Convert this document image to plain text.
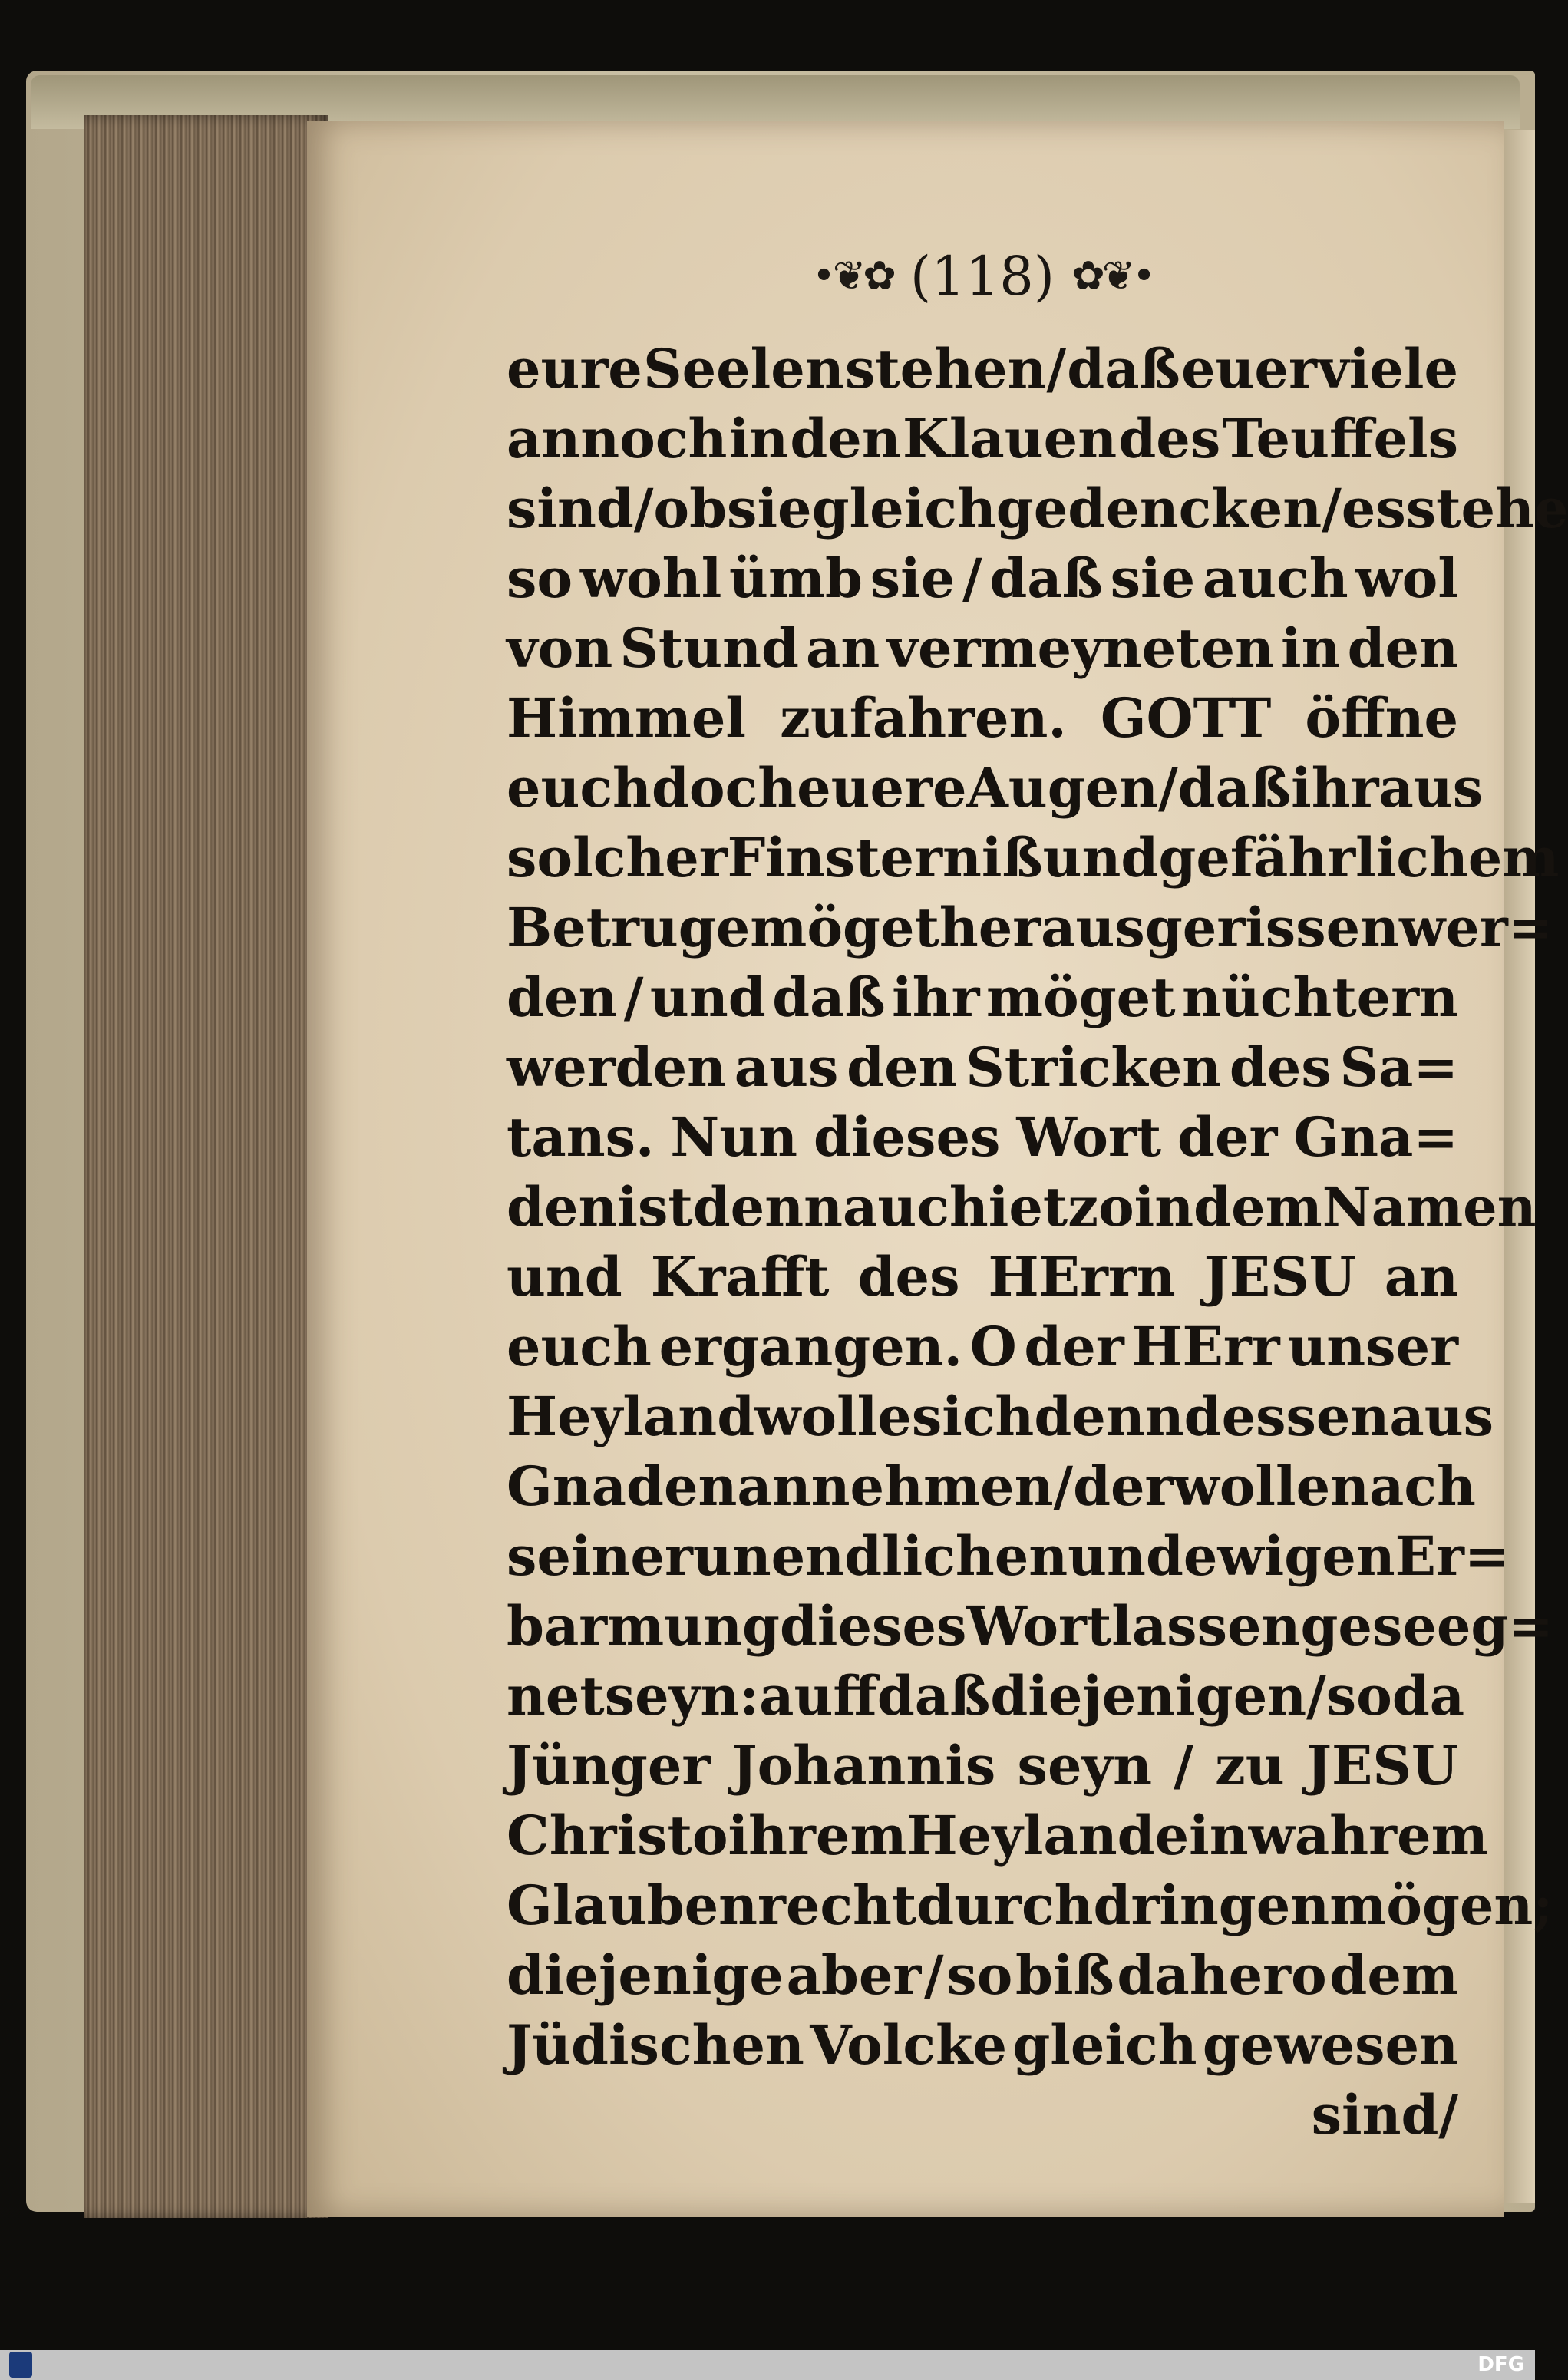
•❦✿ (118) ✿❦•
eure Seelen stehen/ daß euer viele
annoch in den Klauen des Teuffels
sind/ ob sie gleich gedencken / es stehe
so wohl ümb sie / daß sie auch wol
von Stund an vermeyneten in den
Himmel zufahren. GOTT öffne
euch doch euere Augen / daß ihr aus
solcher Finsterniß und gefährlichem
Betruge möget heraus gerissen wer=
den / und daß ihr möget nüchtern
werden aus den Stricken des Sa=
tans. Nun dieses Wort der Gna=
den ist denn auch ietzo in dem Namen
und Krafft des HErrn JESU an
euch ergangen. O der HErr unser
Heyland wolle sich denn dessen aus
Gnaden annehmen / der wolle nach
seiner unendlichen und ewigen Er=
barmung dieses Wort lassen geseeg=
net seyn: auff daß diejenigen/ so da
Jünger Johannis seyn / zu JESU
Christo ihrem Heylande in wahrem
Glauben recht durchdringen mögen;
diejenige aber / so biß dahero dem
Jüdischen Volcke gleich gewesen
sind/
DFG
